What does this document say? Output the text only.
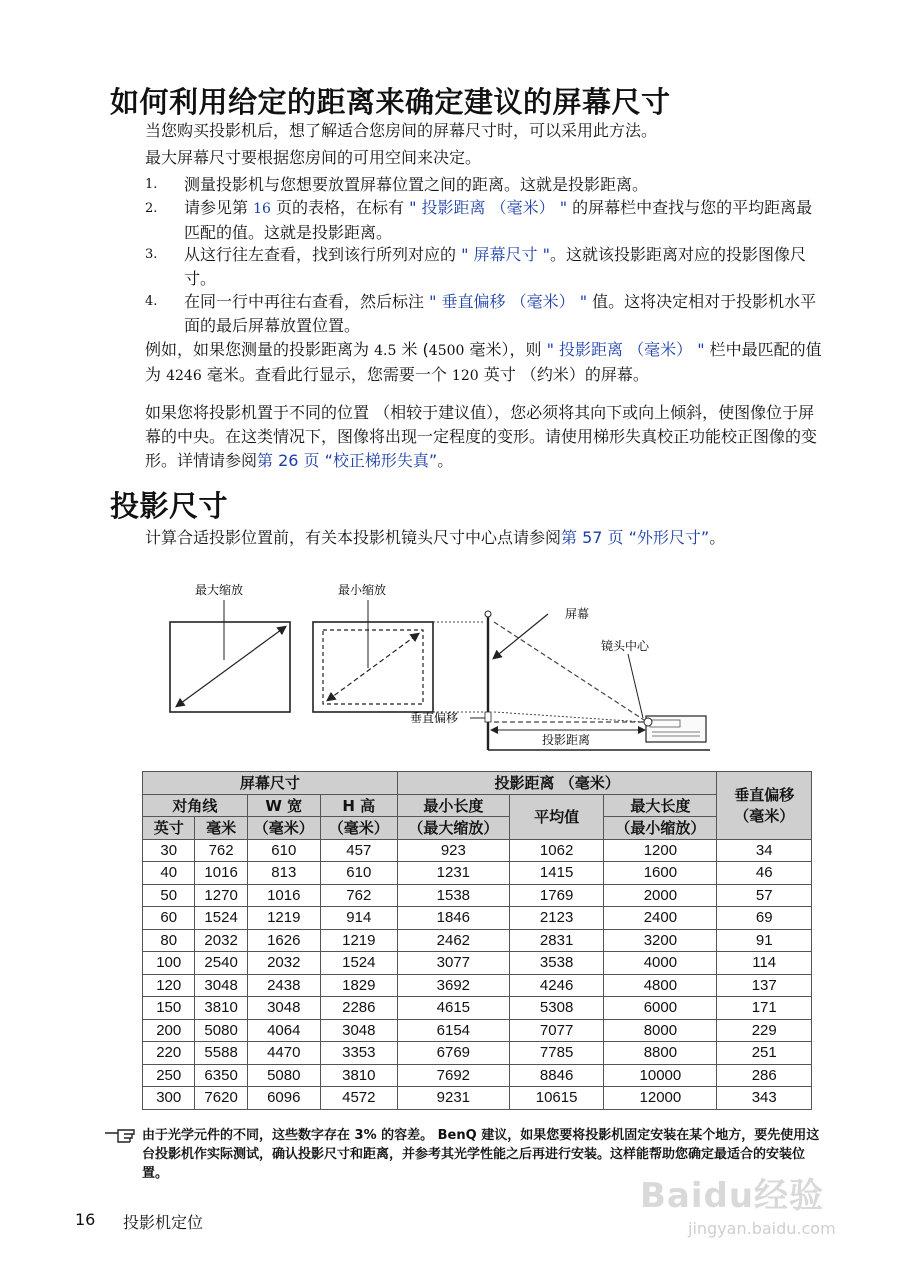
如何利用给定的距离来确定建议的屏幕尺寸

当您购买投影机后，想了解适合您房间的屏幕尺寸时，可以采用此方法。

最大屏幕尺寸要根据您房间的可用空间来决定。

1. 测量投影机与您想要放置屏幕位置之间的距离。这就是投影距离。

2. 请参见第 16 页的表格，在标有 " 投影距离 （毫米） " 的屏幕栏中查找与您的平均距离最匹配的值。这就是投影距离。

3. 从这行往左查看，找到该行所列对应的 " 屏幕尺寸 "。这就该投影距离对应的投影图像尺寸。

4. 在同一行中再往右查看，然后标注 " 垂直偏移 （毫米） " 值。这将决定相对于投影机水平面的最后屏幕放置位置。

例如，如果您测量的投影距离为 4.5 米 (4500 毫米），则 " 投影距离 （毫米） " 栏中最匹配的值为 4246 毫米。查看此行显示，您需要一个 120 英寸 （约米）的屏幕。

如果您将投影机置于不同的位置 （相较于建议值），您必须将其向下或向上倾斜，使图像位于屏幕的中央。在这类情况下，图像将出现一定程度的变形。请使用梯形失真校正功能校正图像的变形。详情请参阅第 26 页 “校正梯形失真”。

投影尺寸

计算合适投影位置前，有关本投影机镜头尺寸中心点请参阅第 57 页 “外形尺寸”。

最大缩放	最小缩放
屏幕
镜头中心
垂直偏移
投影距离
屏幕尺寸				投影距离 （毫米）			垂直偏移
（毫米）
对角线		W 宽	H 高	最小长度	平均值	最大长度	
英寸	毫米	（毫米）	（毫米）	（最大缩放）		（最小缩放）	
30	762	610	457	923	1062	1200	34
40	1016	813	610	1231	1415	1600	46
50	1270	1016	762	1538	1769	2000	57
60	1524	1219	914	1846	2123	2400	69
80	2032	1626	1219	2462	2831	3200	91
100	2540	2032	1524	3077	3538	4000	114
120	3048	2438	1829	3692	4246	4800	137
150	3810	3048	2286	4615	5308	6000	171
200	5080	4064	3048	6154	7077	8000	229
220	5588	4470	3353	6769	7785	8800	251
250	6350	5080	3810	7692	8846	10000	286
300	7620	6096	4572	9231	10615	12000	343

由于光学元件的不同，这些数字存在 3% 的容差。 BenQ 建议，如果您要将投影机固定安装在某个地方，要先使用这台投影机作实际测试，确认投影尺寸和距离，并参考其光学性能之后再进行安装。这样能帮助您确定最适合的安装位置。

16 投影机定位
Baidu经验
jingyan.baidu.com
